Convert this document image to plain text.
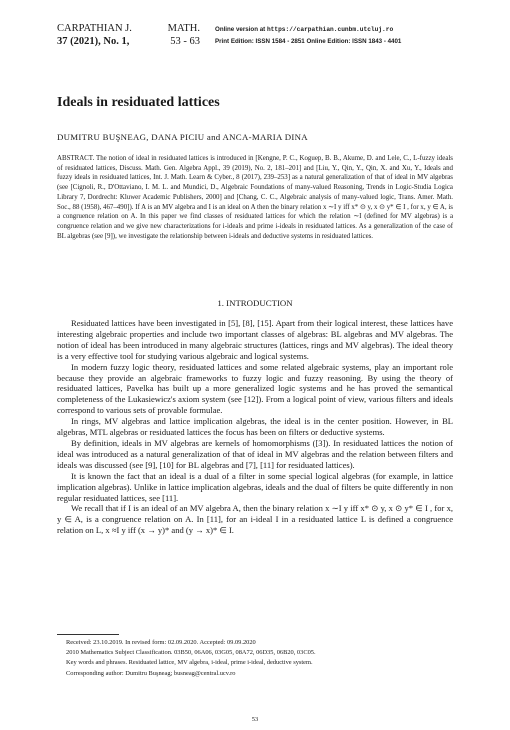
CARPATHIAN J.
37 (2021), No. 1,
MATH.
53 - 63
Online version at https://carpathian.cunbm.utcluj.ro
Print Edition: ISSN 1584 - 2851 Online Edition: ISSN 1843 - 4401
Ideals in residuated lattices
DUMITRU BUŞNEAG, DANA PICIU and ANCA-MARIA DINA
ABSTRACT. The notion of ideal in residuated lattices is introduced in [Kengne, P. C., Koguep, B. B., Akume, D. and Lele, C., L-fuzzy ideals of residuated lattices, Discuss. Math. Gen. Algebra Appl., 39 (2019), No. 2, 181–201] and [Liu, Y., Qin, Y., Qin, X. and Xu, Y., Ideals and fuzzy ideals in residuated lattices, Int. J. Math. Learn & Cyber., 8 (2017), 239–253] as a natural generalization of that of ideal in MV algebras (see [Cignoli, R., D'Ottaviano, I. M. L. and Mundici, D., Algebraic Foundations of many-valued Reasoning, Trends in Logic-Studia Logica Library 7, Dordrecht: Kluwer Academic Publishers, 2000] and [Chang, C. C., Algebraic analysis of many-valued logic, Trans. Amer. Math. Soc., 88 (1958), 467–490]). If A is an MV algebra and I is an ideal on A then the binary relation x ∼I y iff x* ⊙ y, x ⊙ y* ∈ I , for x, y ∈ A, is a congruence relation on A. In this paper we find classes of residuated lattices for which the relation ∼I (defined for MV algebras) is a congruence relation and we give new characterizations for i-ideals and prime i-ideals in residuated lattices. As a generalization of the case of BL algebras (see [9]), we investigate the relationship between i-ideals and deductive systems in residuated lattices.
1. INTRODUCTION

Residuated lattices have been investigated in [5], [8], [15]. Apart from their logical interest, these lattices have interesting algebraic properties and include two important classes of algebras: BL algebras and MV algebras. The notion of ideal has been introduced in many algebraic structures (lattices, rings and MV algebras). The ideal theory is a very effective tool for studying various algebraic and logical systems.

In modern fuzzy logic theory, residuated lattices and some related algebraic systems, play an important role because they provide an algebraic frameworks to fuzzy logic and fuzzy reasoning. By using the theory of residuated lattices, Pavelka has built up a more generalized logic systems and he has proved the semantical completeness of the Lukasiewicz's axiom system (see [12]). From a logical point of view, various filters and ideals correspond to various sets of provable formulae.

In rings, MV algebras and lattice implication algebras, the ideal is in the center position. However, in BL algebras, MTL algebras or residuated lattices the focus has been on filters or deductive systems.

By definition, ideals in MV algebras are kernels of homomorphisms ([3]). In residuated lattices the notion of ideal was introduced as a natural generalization of that of ideal in MV algebras and the relation between filters and ideals was discussed (see [9], [10] for BL algebras and [7], [11] for residuated lattices).

It is known the fact that an ideal is a dual of a filter in some special logical algebras (for example, in lattice implication algebras). Unlike in lattice implication algebras, ideals and the dual of filters be quite differently in non regular residuated lattices, see [11].

We recall that if I is an ideal of an MV algebra A, then the binary relation x ∼I y iff x* ⊙ y, x ⊙ y* ∈ I , for x, y ∈ A, is a congruence relation on A. In [11], for an i-ideal I in a residuated lattice L is defined a congruence relation on L, x ≈I y iff (x → y)* and (y → x)* ∈ I.

Received: 23.10.2019. In revised form: 02.09.2020. Accepted: 09.09.2020
2010 Mathematics Subject Classification. 03B50, 06A06, 03G05, 08A72, 06D35, 06B20, 03C05.
Key words and phrases. Residuated lattice, MV algebra, i-ideal, prime i-ideal, deductive system.
Corresponding author: Dumitru Buşneag; busneag@central.ucv.ro
53
